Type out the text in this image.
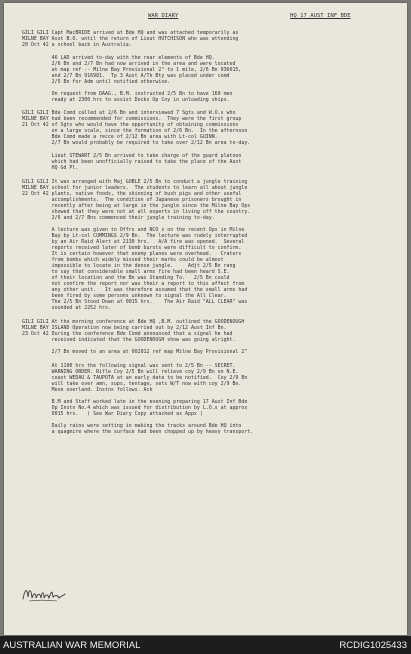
WAR DIARY	HQ 17 AUST INF BDE
GILI GILI Capt MacBRIDE arrived at Bde HQ and was attached temporarily as
MILNE BAY Asst B.O. until the return of Lieut HUTCHISON who was attending
20 Oct 42 a school back in Australia.
46 LAD arrived to-day with the rear elements of Bde HQ.
2/6 Bn and 2/7 Bn had now arrived in the area and were located
at map ref -- Milne Bay Provisional 2" to 1 mile, 2/6 Bn 036015,
and 2/7 Bn 916981.  Tp 3 Aust A/Tk Bty was placed under comd
2/5 Bn for Adm until notified otherwise.
On request from DAAG., B.M. instructed 2/5 Bn to have 160 men
ready at 2300 hrs to assist Docks Op Coy in unloading ships.
GILI GILI Bde Comd called at 2/6 Bn and interviewed 7 Sgts and W.O.s who
MILNE BAY had been recommended for commissions.  They were the first group
21 Oct 42 of Sgts who would have the opportunity of obtaining commissions
on a large scale, since the formation of 2/6 Bn.  In the afternoon
Bde Comd made a recce of 2/12 Bn area with Lt-col GUINN.
2/7 Bn would probably be required to take over 2/12 Bn area to-day.
Lieut STEWART 2/5 Bn arrived to take charge of the guard platoon
which had been unofficially raised to take the place of the Aust
HQ Gd Pl.
GILI GILI It was arranged with Maj GOBLE 2/5 Bn to conduct a jungle training
MILNE BAY school for junior leaders.  The students to learn all about jungle
22 Oct 42 plants, native foods, the skinning of bush pigs and other useful
accomplishments.  The condition of Japanese prisoners brought in
recently after being at large in the jungle since the Milne Bay Ops
showed that they were not at all experts in living off the country.
2/6 and 2/7 Bns commenced their jungle training to-day.
A lecture was given to Offrs and NCO s on the recent Ops in Milne
Bay by Lt-col CUMMINGS 2/9 Bn.  The lecture was rudely interrupted
by an Air Raid Alert at 2130 hrs.   A/A fire was opened.  Several
reports received later of bomb bursts were difficult to confirm.
It is certain however that enemy planes were overhead.   Craters
from bombs which widely missed their marks could be almost
impossible to locate in the dense jungle.     Adjt 2/5 Bn rang
to say that considerable small arms fire had been heard S.E.
of their location and the Bn was Standing To.   2/5 Bn could
not confirm the report nor was their a report to this affect from
any other unit.   It was therefore assumed that the small arms had
been fired by some persons unknown to signal the All Clear.
The 2/5 Bn Stood Down at 0015 hrs.    The Air Raid "ALL CLEAR" was
sounded at 2252 hrs.
GILI GILI At the morning conference at Bde HQ ,B.M. outlined the GOODENOUGH
MILNE BAY ISLAND Operation now being carried out by 2/12 Aust Inf Bn.
23 Oct 42 During the conference Bde Comd announced that a signal he had
received indicated that the GOODENOUGH show was going alright.
2/7 Bn moved to an area at 002012 ref map Milne Bay Provisional 2"
At 1100 hrs the following signal was sent to 2/5 Bn -- SECRET.
WARNING ORDER. Rifle Coy 2/5 Bn will relieve coy 2/9 Bn on N.E.
coast WEDAU & TAUPOTA at an early date to be notified.  Coy 2/9 Bn
will take over amn, sups, tentage, sets W/T now with coy 2/9 Bn.
Move overland. Instns follows. Ack
B.M and Staff worked late in the evening preparing 17 Aust Inf Bde
Op Instn No.4 which was issued for distribution by L.O.s at approx
0015 hrs.   ( See War Diary Copy attached as Appx )
Daily rains were setting in making the tracks around Bde HQ into
a quagmire where the surface had been chopped up by heavy transport.
AUSTRALIAN WAR MEMORIAL	RCDIG1025433
